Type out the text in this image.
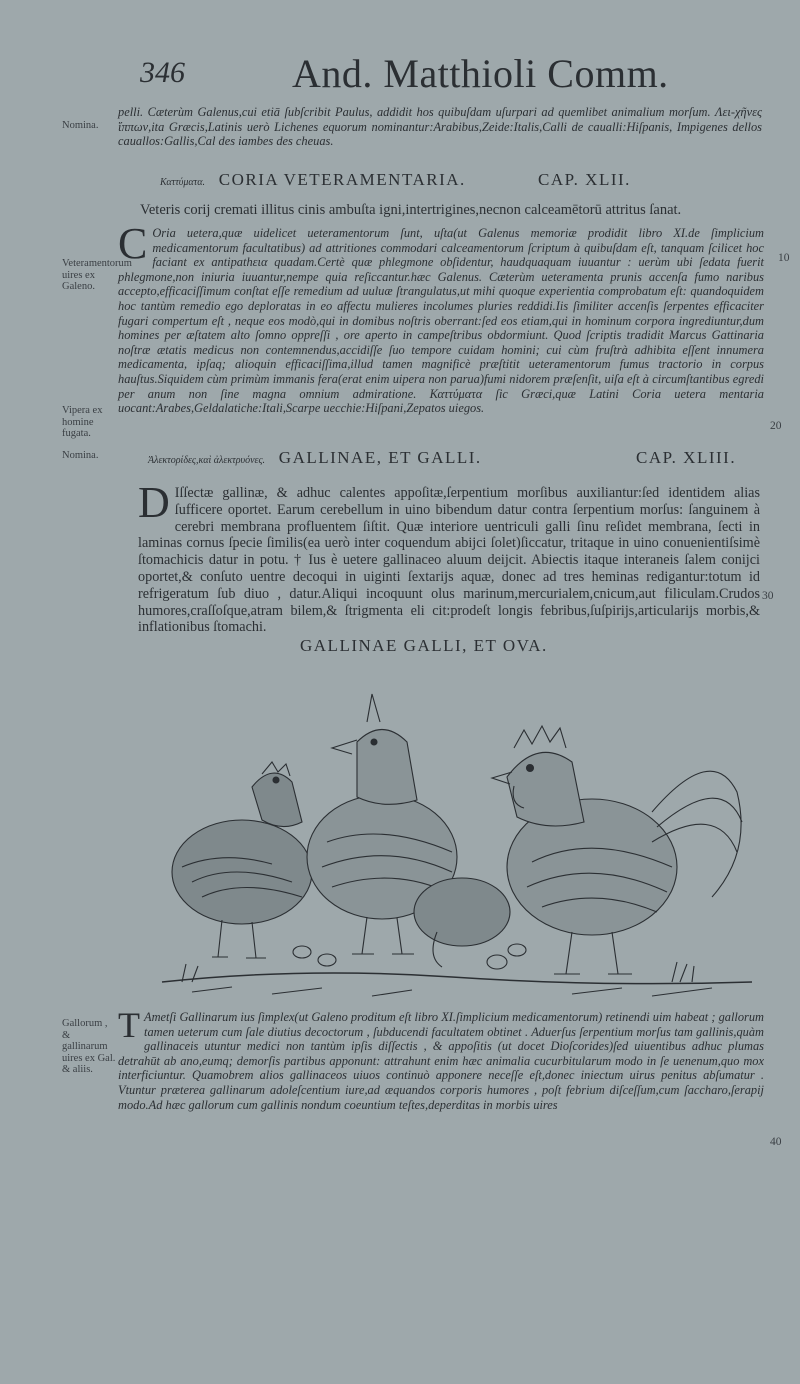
346	And. Matthioli Comm.
pelli. Cæterùm Galenus,cui etiā ſubſcribit Paulus, addidit hos quibuſdam uſurpari ad quemlibet animalium morſum. Λει-χῆνες ἵππων,ita Græcis,Latinis uerò Lichenes equorum nominantur:Arabibus,Zeide:Italis,Calli de caualli:Hiſpanis, Impigenes dellos cauallos:Gallis,Cal des iambes des cheuas.
Nomina.
Καττύματα. CORIA VETERAMENTARIA.	CAP. XLII.
Veteris corij cremati illitus cinis ambuſta igni,intertrigines,necnon calceamētorū attritus ſanat.
C Oria uetera,quæ uidelicet ueteramentorum ſunt, uſta(ut Galenus memoriæ prodidit libro XI.de ſimplicium medicamentorum facultatibus) ad attritiones commodari calceamentorum ſcriptum à quibuſdam eſt, tanquam ſcilicet hoc faciant ex antipathεια quadam.Certè quæ phlegmone obſidentur, haudquaquam iuuantur : uerùm ubi ſedata fuerit phlegmone,non iniuria iuuantur,nempe quia reſiccantur.hæc Galenus. Cæterùm ueteramenta prunis accenſa fumo naribus accepto,efficaciſſimum conſtat eſſe remedium ad uuluæ ſtrangulatus,ut mihi quoque experientia comprobatum eſt: quandoquidem hoc tantùm remedio ego deploratas in eo affectu mulieres incolumes pluries reddidi.Iis ſimiliter accenſis ſerpentes efficaciter fugari compertum eſt , neque eos modò,qui in domibus noſtris oberrant:ſed eos etiam,qui in hominum corpora ingrediuntur,dum homines per æſtatem alto ſomno oppreſſi , ore aperto in campeſtribus obdormiunt. Quod ſcriptis tradidit Marcus Gattinaria noſtræ ætatis medicus non contemnendus,accidiſſe ſuo tempore cuidam homini; cui cùm fruſtrà adhibita eſſent innumera medicamenta, ipſaq; alioquin efficaciſſima,illud tamen magnificè præſtitit ueteramentorum fumus tractorio in corpus hauſtus.Siquidem cùm primùm immanis fera(erat enim uipera non parua)fumi nidorem præſenſit, uiſa eſt à circumſtantibus egredi per anum non ſine magna omnium admiratione. Καττύματα ſic Græci,quæ Latini Coria uetera mentaria uocant:Arabes,Geldalatiche:Itali,Scarpe uecchie:Hiſpani,Zepatos uiegos.
Veteramentorum uires ex Galeno.
Vipera ex homine fugata.
10
20
Ἀλεκτορίδες,καὶ ἀλεκτρυόνες. GALLINAE, ET GALLI.	CAP. XLIII.
Nomina.
D Iſſectæ gallinæ, & adhuc calentes appoſitæ,ſerpentium morſibus auxiliantur:ſed identidem alias ſufficere oportet. Earum cerebellum in uino bibendum datur contra ſerpentium morſus: ſanguinem à cerebri membrana profluentem ſiſtit. Quæ interiore uentriculi galli ſinu reſidet membrana, ſecti in laminas cornus ſpecie ſimilis(ea uerò inter coquendum abijci ſolet)ſiccatur, tritaque in uino conuenientiſsimè ſtomachicis datur in potu. † Ius è uetere gallinaceo aluum deijcit. Abiectis itaque interaneis ſalem conijci oportet,& conſuto uentre decoqui in uiginti ſextarijs aquæ, donec ad tres heminas redigantur:totum id refrigeratum ſub diuo , datur.Aliqui incoquunt olus marinum,mercurialem,cnicum,aut filiculam.Crudos humores,craſſoſque,atram bilem,& ſtrigmenta eli cit:prodeſt longis febribus,ſuſpirijs,articularijs morbis,& inflationibus ſtomachi.
30
GALLINAE GALLI, ET OVA.
T Ametſi Gallinarum ius ſimplex(ut Galeno proditum eſt libro XI.ſimplicium medicamentorum) retinendi uim habeat ; gallorum tamen ueterum cum ſale diutius decoctorum , ſubducendi facultatem obtinet . Aduerſus ſerpentium morſus tam gallinis,quàm gallinaceis utuntur medici non tantùm ipſis diſſectis , & appoſitis (ut docet Dioſcorides)ſed uiuentibus adhuc plumas detrahūt ab ano,eumq; demorſis partibus apponunt: attrahunt enim hæc animalia cucurbitularum modo in ſe uenenum,quo mox interficiuntur. Quamobrem alios gallinaceos uiuos continuò apponere neceſſe eſt,donec iniectum uirus penitus abſumatur . Vtuntur præterea gallinarum adoleſcentium iure,ad æquandos corporis humores , poſt febrium diſceſſum,cum ſaccharo,ſerapij modo.Ad hæc gallorum cum gallinis nondum coeuntium teſtes,deperditas in morbis uires
Gallorum , & gallinarum uires ex Gal. & aliis.
40
